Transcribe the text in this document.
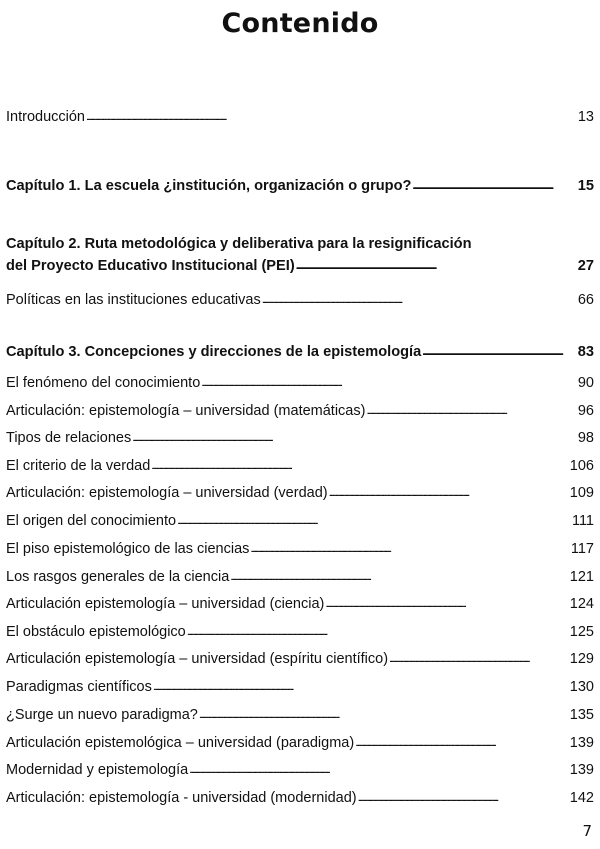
Contenido
Introducción . . .	13
Capítulo 1. La escuela ¿institución, organización o grupo? . . .	15
Capítulo 2. Ruta metodológica y deliberativa para la resignificación
del Proyecto Educativo Institucional (PEI) . . .	27
Políticas en las instituciones educativas . . .	66
Capítulo 3. Concepciones y direcciones de la epistemología . . .	83
El fenómeno del conocimiento . . .	90
Articulación: epistemología – universidad (matemáticas) . . .	96
Tipos de relaciones . . .	98
El criterio de la verdad . . .	106
Articulación: epistemología – universidad (verdad) . . .	109
El origen del conocimiento . . .	111
El piso epistemológico de las ciencias . . .	117
Los rasgos generales de la ciencia . . .	121
Articulación epistemología – universidad (ciencia) . . .	124
El obstáculo epistemológico . . .	125
Articulación epistemología – universidad (espíritu científico) . . .	129
Paradigmas científicos . . .	130
¿Surge un nuevo paradigma? . . .	135
Articulación epistemológica – universidad (paradigma) . . .	139
Modernidad y epistemología . . .	139
Articulación: epistemología - universidad (modernidad) . . .	142
7
